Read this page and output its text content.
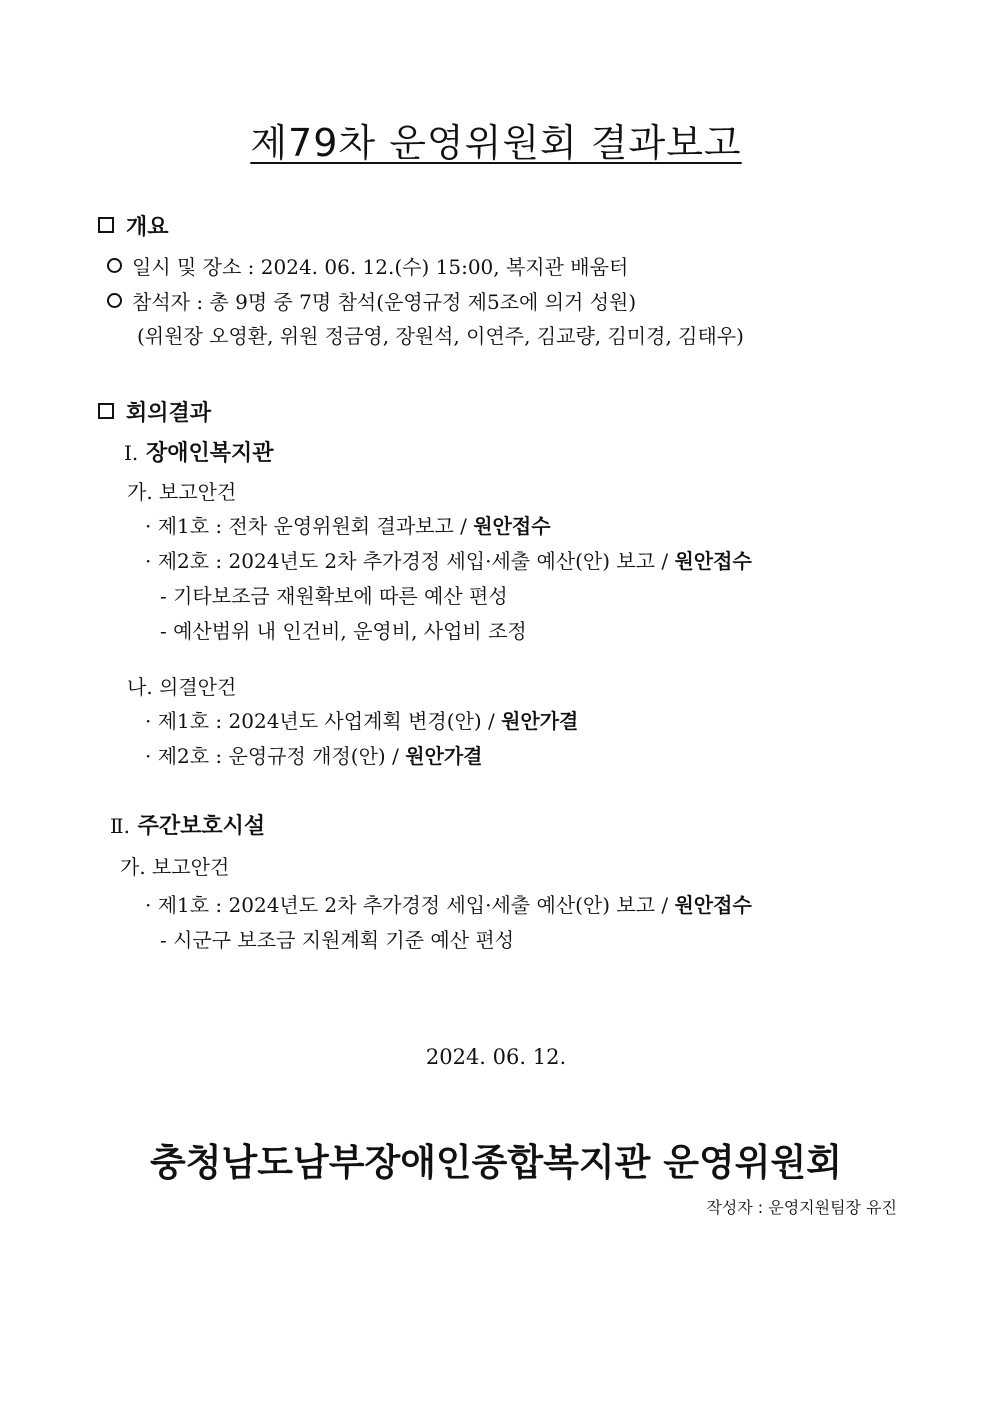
제79차 운영위원회 결과보고
개요
일시 및 장소 : 2024. 06. 12.(수) 15:00, 복지관 배움터
참석자 : 총 9명 중 7명 참석(운영규정 제5조에 의거 성원)
(위원장 오영환, 위원 정금영, 장원석, 이연주, 김교량, 김미경, 김태우)
회의결과
Ⅰ. 장애인복지관
가. 보고안건
· 제1호 : 전차 운영위원회 결과보고 / 원안접수
· 제2호 : 2024년도 2차 추가경정 세입·세출 예산(안) 보고 / 원안접수
- 기타보조금 재원확보에 따른 예산 편성
- 예산범위 내 인건비, 운영비, 사업비 조정
나. 의결안건
· 제1호 : 2024년도 사업계획 변경(안) / 원안가결
· 제2호 : 운영규정 개정(안) / 원안가결
Ⅱ. 주간보호시설
가. 보고안건
· 제1호 : 2024년도 2차 추가경정 세입·세출 예산(안) 보고 / 원안접수
- 시군구 보조금 지원계획 기준 예산 편성
2024. 06. 12.
충청남도남부장애인종합복지관 운영위원회
작성자 : 운영지원팀장 유진
